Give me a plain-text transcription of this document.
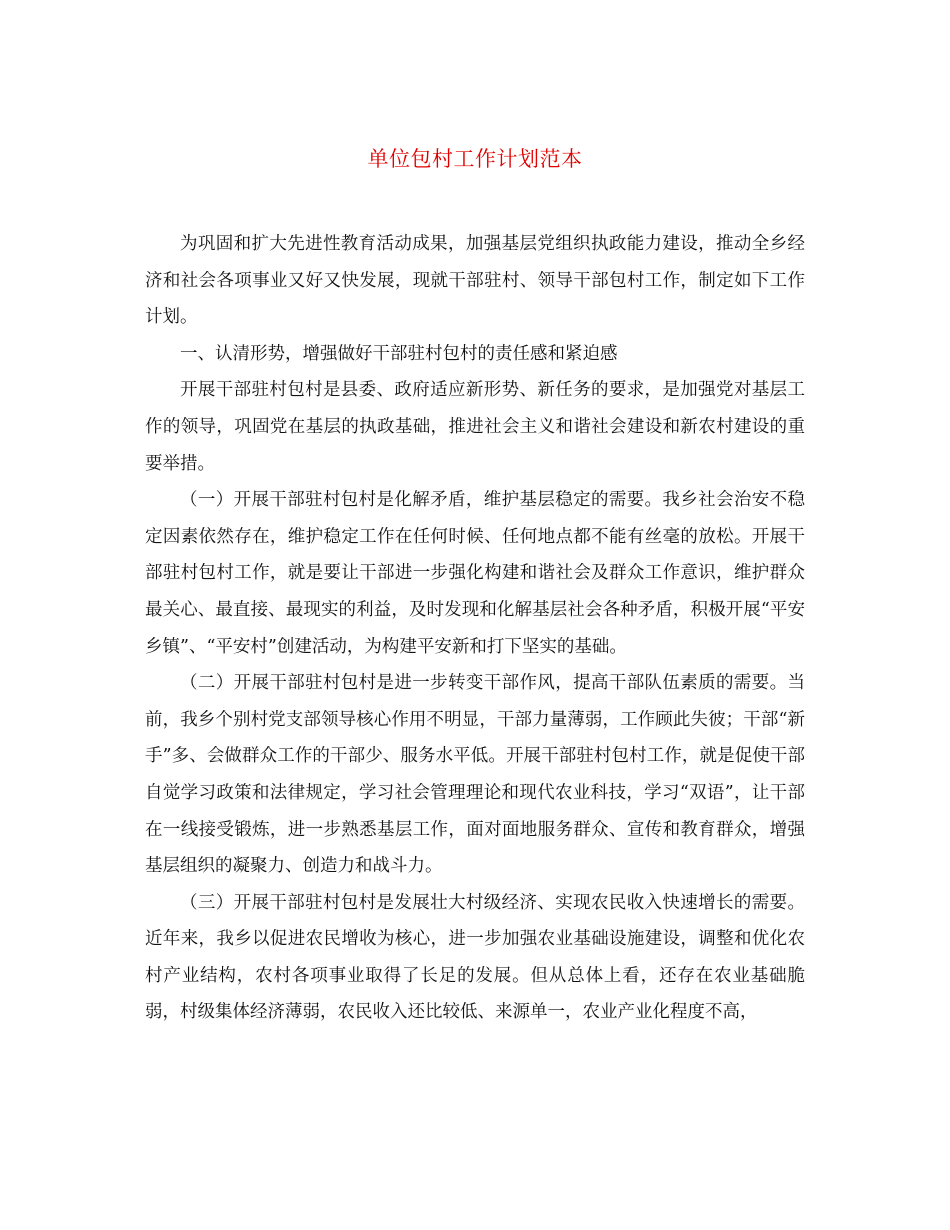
单位包村工作计划范本

为巩固和扩大先进性教育活动成果，加强基层党组织执政能力建设，推动全乡经济和社会各项事业又好又快发展，现就干部驻村、领导干部包村工作，制定如下工作计划。

一、认清形势，增强做好干部驻村包村的责任感和紧迫感

开展干部驻村包村是县委、政府适应新形势、新任务的要求，是加强党对基层工作的领导，巩固党在基层的执政基础，推进社会主义和谐社会建设和新农村建设的重要举措。

（一）开展干部驻村包村是化解矛盾，维护基层稳定的需要。我乡社会治安不稳定因素依然存在，维护稳定工作在任何时候、任何地点都不能有丝毫的放松。开展干部驻村包村工作，就是要让干部进一步强化构建和谐社会及群众工作意识，维护群众最关心、最直接、最现实的利益，及时发现和化解基层社会各种矛盾，积极开展“平安乡镇”、“平安村”创建活动，为构建平安新和打下坚实的基础。

（二）开展干部驻村包村是进一步转变干部作风，提高干部队伍素质的需要。当前，我乡个别村党支部领导核心作用不明显，干部力量薄弱，工作顾此失彼；干部“新手”多、会做群众工作的干部少、服务水平低。开展干部驻村包村工作，就是促使干部自觉学习政策和法律规定，学习社会管理理论和现代农业科技，学习“双语”，让干部在一线接受锻炼，进一步熟悉基层工作，面对面地服务群众、宣传和教育群众，增强基层组织的凝聚力、创造力和战斗力。

（三）开展干部驻村包村是发展壮大村级经济、实现农民收入快速增长的需要。近年来，我乡以促进农民增收为核心，进一步加强农业基础设施建设，调整和优化农村产业结构，农村各项事业取得了长足的发展。但从总体上看，还存在农业基础脆弱，村级集体经济薄弱，农民收入还比较低、来源单一，农业产业化程度不高，
